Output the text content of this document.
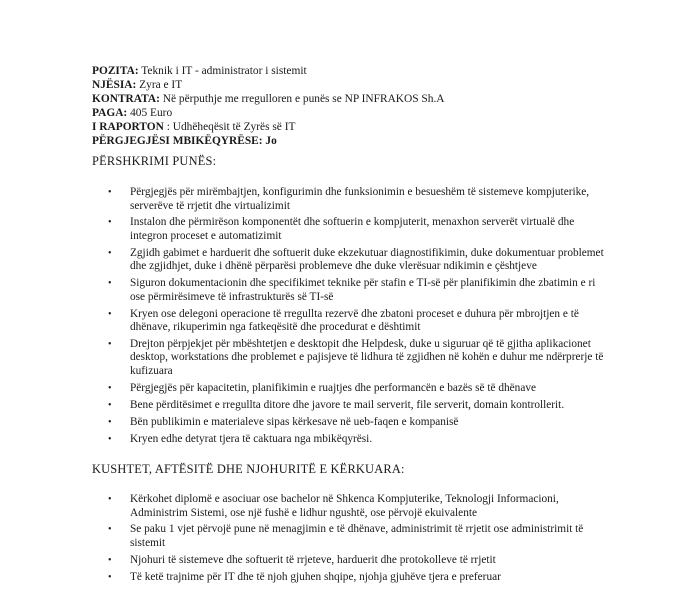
POZITA: Teknik i IT - administrator i sistemit
NJËSIA: Zyra e IT
KONTRATA: Në përputhje me rregulloren e punës se NP INFRAKOS Sh.A
PAGA: 405 Euro
I RAPORTON : Udhëheqësit të Zyrës së IT
PËRGJEGJËSI MBIKËQYRËSE: Jo
PËRSHKRIMI PUNËS:
• Përgjegjës për mirëmbajtjen, konfigurimin dhe funksionimin e besueshëm të sistemeve kompjuterike, serverëve të rrjetit dhe virtualizimit
• Instalon dhe përmirëson komponentët dhe softuerin e kompjuterit, menaxhon serverët virtualë dhe integron proceset e automatizimit
• Zgjidh gabimet e harduerit dhe softuerit duke ekzekutuar diagnostifikimin, duke dokumentuar problemet dhe zgjidhjet, duke i dhënë përparësi problemeve dhe duke vlerësuar ndikimin e çështjeve
• Siguron dokumentacionin dhe specifikimet teknike për stafin e TI-së për planifikimin dhe zbatimin e ri ose përmirësimeve të infrastrukturës së TI-së
• Kryen ose delegoni operacione të rregullta rezervë dhe zbatoni proceset e duhura për mbrojtjen e të dhënave, rikuperimin nga fatkeqësitë dhe procedurat e dështimit
• Drejton përpjekjet për mbështetjen e desktopit dhe Helpdesk, duke u siguruar që të gjitha aplikacionet desktop, workstations dhe problemet e pajisjeve të lidhura të zgjidhen në kohën e duhur me ndërprerje të kufizuara
• Përgjegjës për kapacitetin, planifikimin e ruajtjes dhe performancën e bazës së të dhënave
• Bene përditësimet e rregullta ditore dhe javore te mail serverit, file serverit, domain kontrollerit.
• Bën publikimin e materialeve sipas kërkesave në ueb-faqen e kompanisë
• Kryen edhe detyrat tjera të caktuara nga mbikëqyrësi.
KUSHTET, AFTËSITË DHE NJOHURITË E KËRKUARA:
• Kërkohet diplomë e asociuar ose bachelor në Shkenca Kompjuterike, Teknologji Informacioni, Administrim Sistemi, ose një fushë e lidhur ngushtë, ose përvojë ekuivalente
• Se paku 1 vjet përvojë pune në menagjimin e të dhënave, administrimit të rrjetit ose administrimit të sistemit
• Njohuri të sistemeve dhe softuerit të rrjeteve, harduerit dhe protokolleve të rrjetit
• Të ketë trajnime për IT dhe të njoh gjuhen shqipe, njohja gjuhëve tjera e preferuar
